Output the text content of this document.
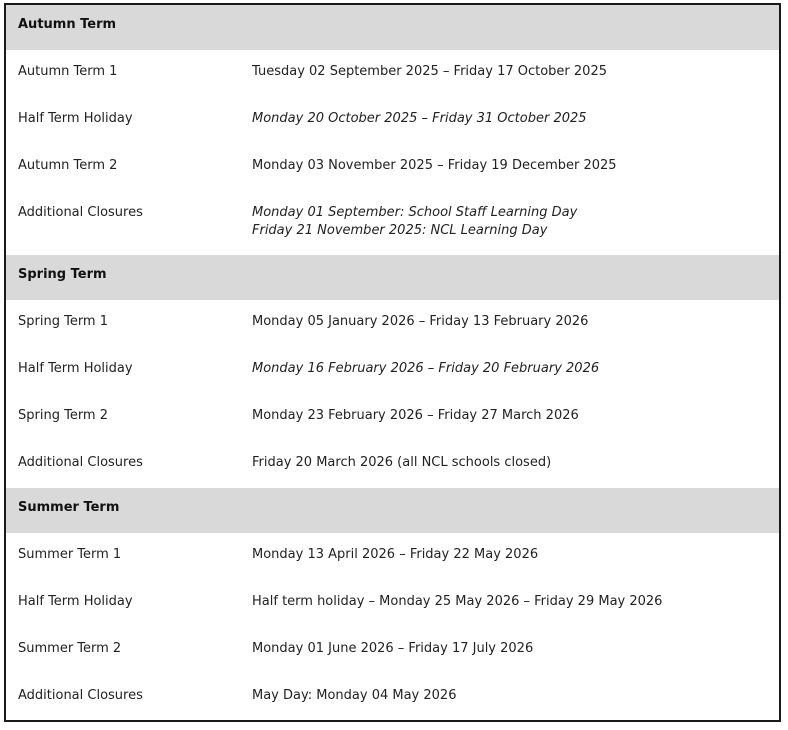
Autumn Term
Autumn Term 1	Tuesday 02 September 2025 – Friday 17 October 2025
Half Term Holiday	Monday 20 October 2025 – Friday 31 October 2025
Autumn Term 2	Monday 03 November 2025 – Friday 19 December 2025
Additional Closures	Monday 01 September: School Staff Learning Day
Friday 21 November 2025: NCL Learning Day
Spring Term
Spring Term 1	Monday 05 January 2026 – Friday 13 February 2026
Half Term Holiday	Monday 16 February 2026 – Friday 20 February 2026
Spring Term 2	Monday 23 February 2026 – Friday 27 March 2026
Additional Closures	Friday 20 March 2026 (all NCL schools closed)
Summer Term
Summer Term 1	Monday 13 April 2026 – Friday 22 May 2026
Half Term Holiday	Half term holiday – Monday 25 May 2026 – Friday 29 May 2026
Summer Term 2	Monday 01 June 2026 – Friday 17 July 2026
Additional Closures	May Day: Monday 04 May 2026
